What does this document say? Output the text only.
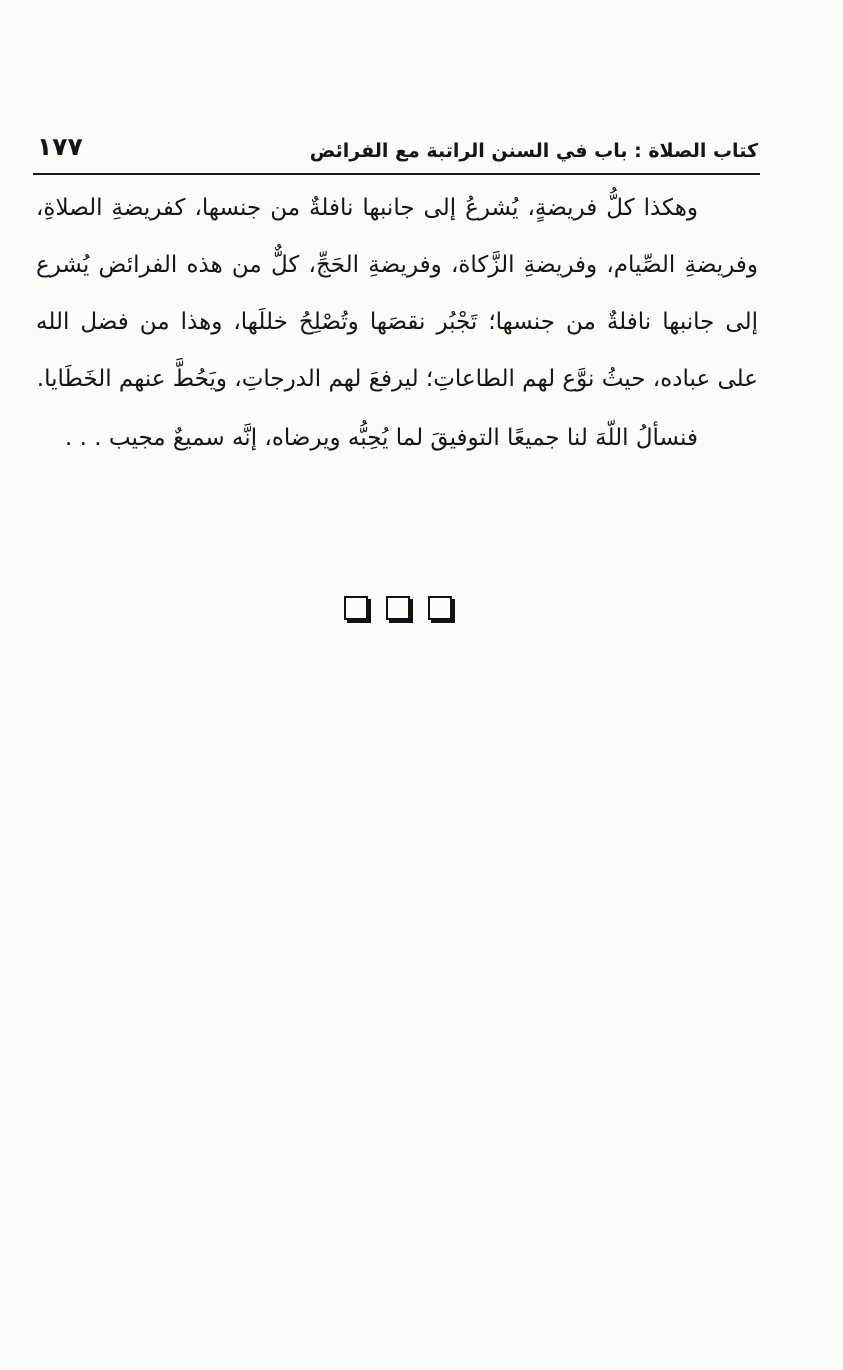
كتاب الصلاة : باب في السنن الراتبة مع الفرائض
١٧٧

وهكذا كلُّ فريضةٍ، يُشرعُ إلى جانبها نافلةٌ من جنسها، كفريضةِ الصلاةِ، وفريضةِ الصِّيام، وفريضةِ الزَّكاة، وفريضةِ الحَجِّ، كلٌّ من هذه الفرائض يُشرع إلى جانبها نافلةٌ من جنسها؛ تَجْبُر نقصَها وتُصْلِحُ خللَها، وهذا من فضل الله على عباده، حيثُ نوَّع لهم الطاعاتِ؛ ليرفعَ لهم الدرجاتِ، ويَحُطَّ عنهم الخَطَايا.

فنسألُ اللّهَ لنا جميعًا التوفيقَ لما يُحِبُّه ويرضاه، إنَّه سميعٌ مجيب . . .
